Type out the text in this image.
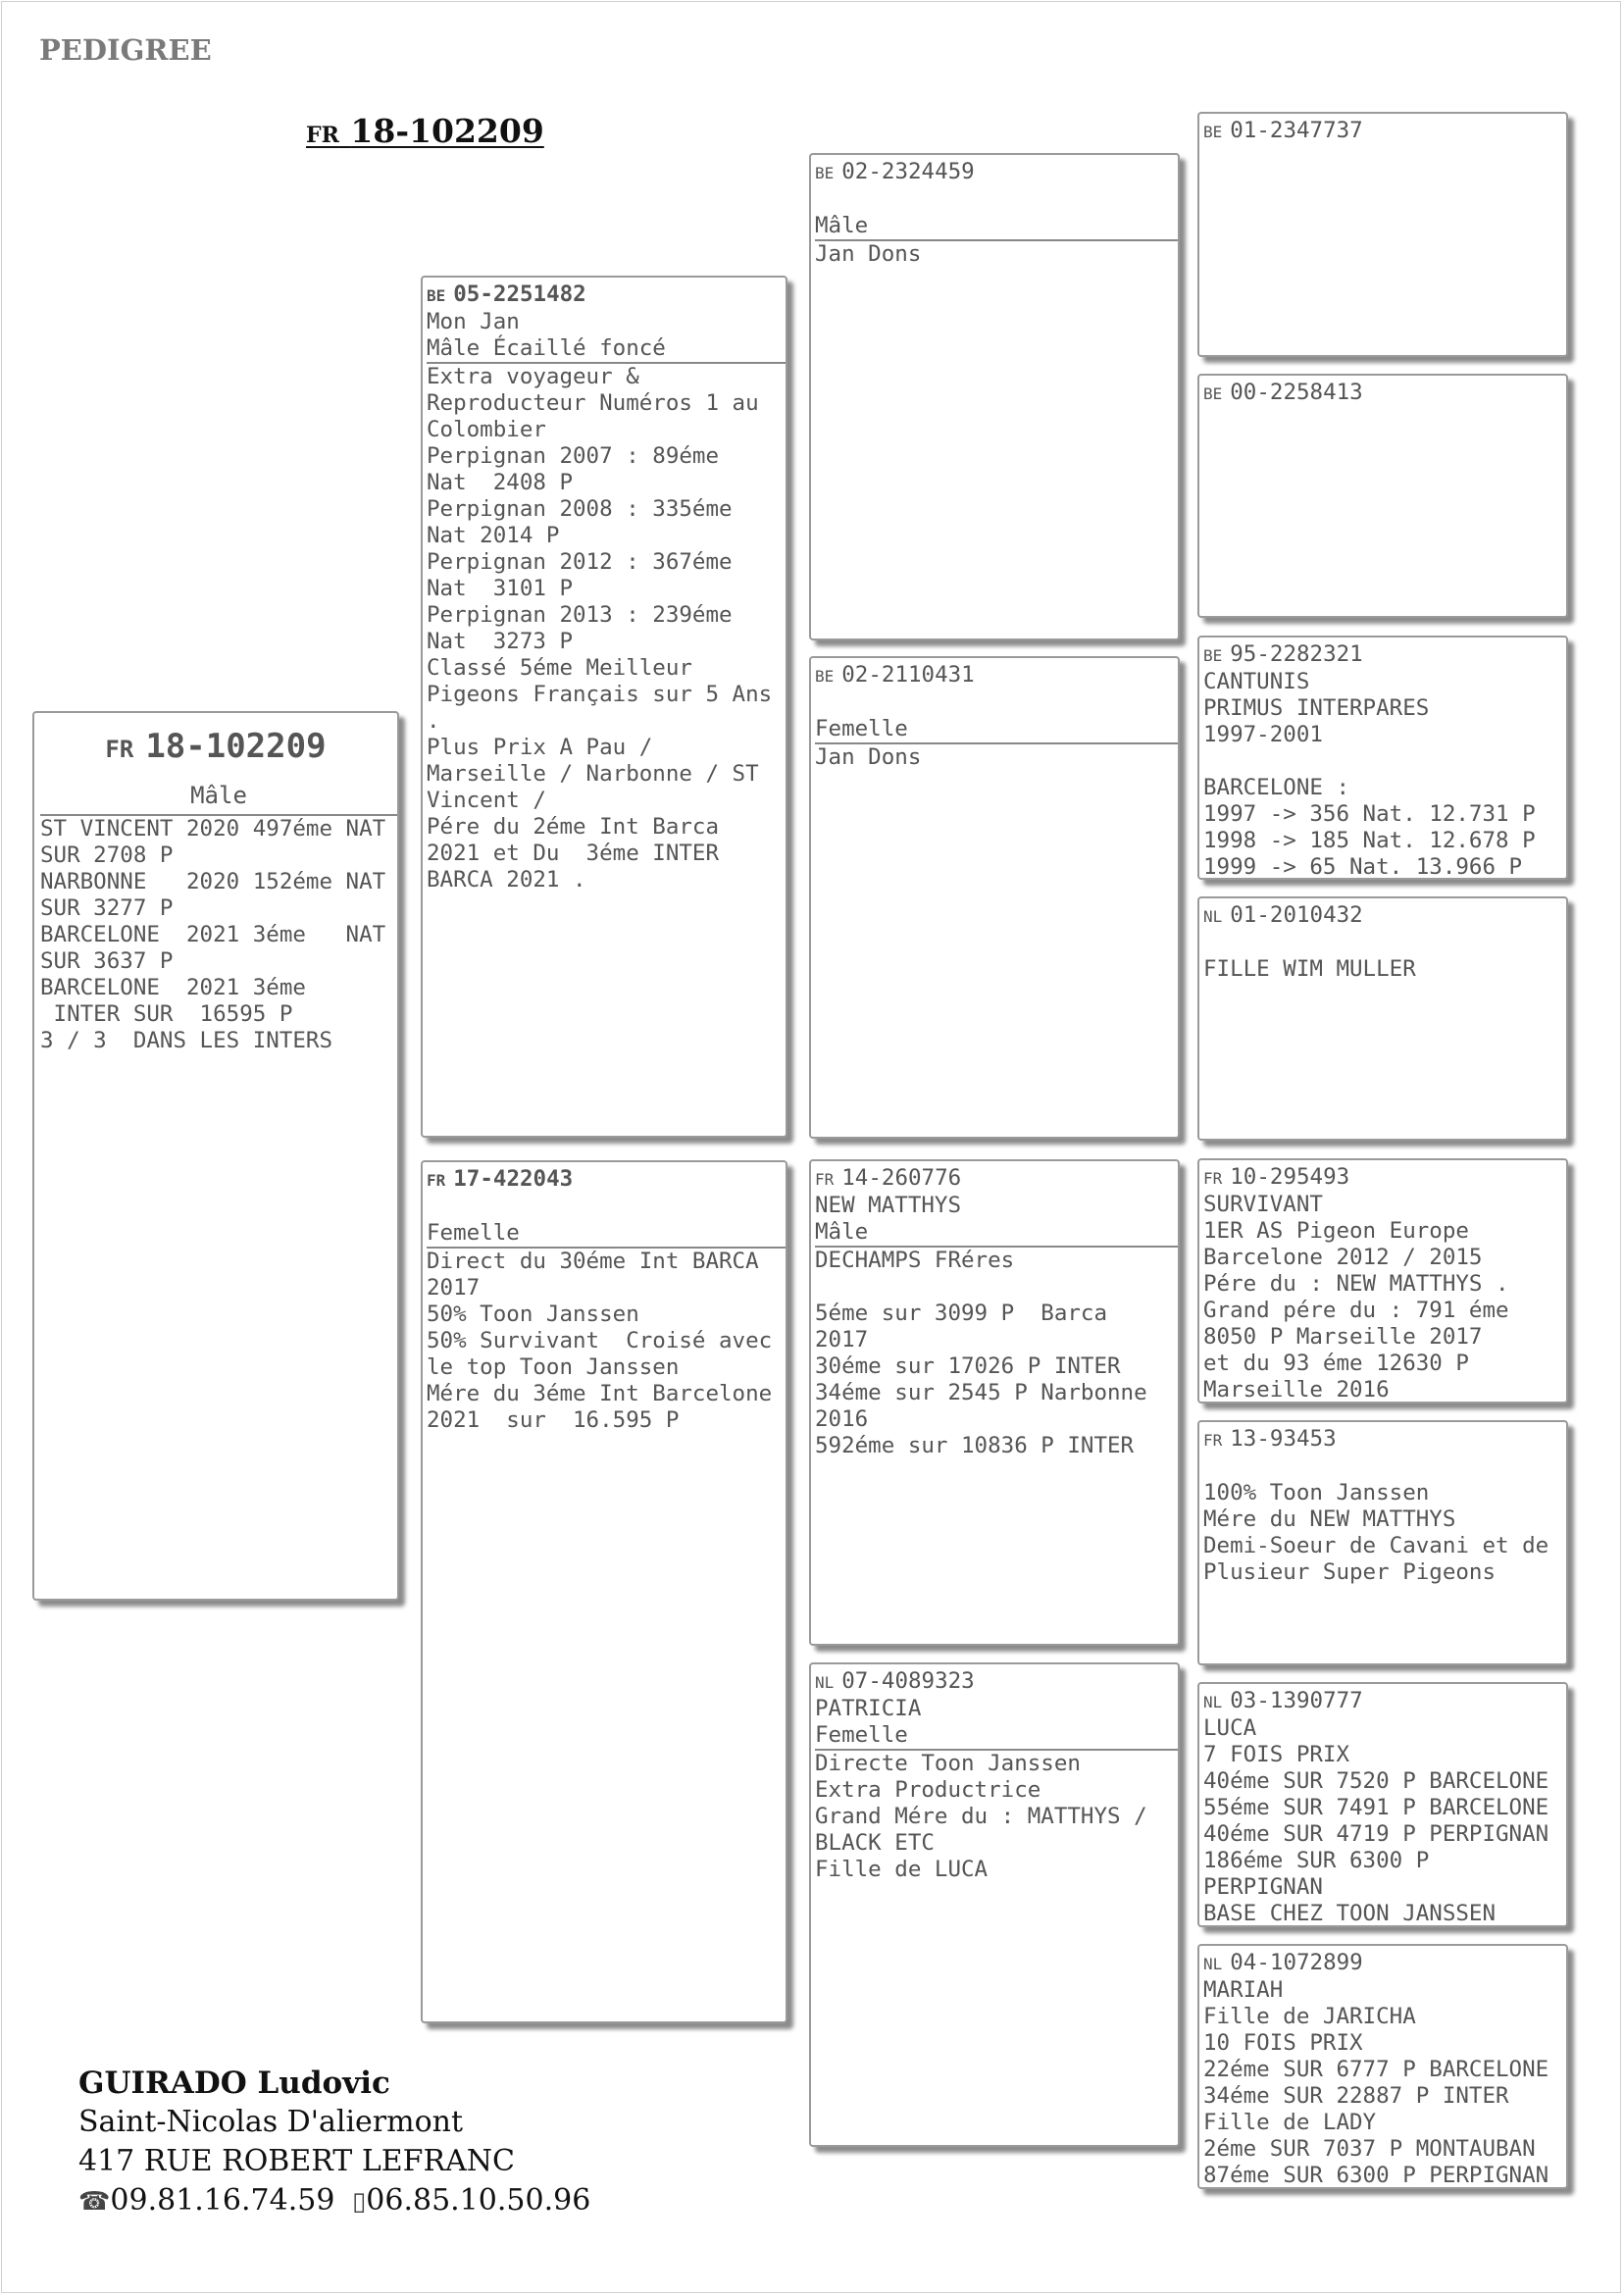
PEDIGREE
FR 18-102209
FR 18-102209
Mâle
ST VINCENT 2020 497éme NAT
SUR 2708 P
NARBONNE   2020 152éme NAT
SUR 3277 P
BARCELONE  2021 3éme   NAT
SUR 3637 P
BARCELONE  2021 3éme
INTER SUR  16595 P
3 / 3  DANS LES INTERS
BE 05-2251482
Mon Jan
Mâle Écaillé foncé
Extra voyageur &
Reproducteur Numéros 1 au
Colombier
Perpignan 2007 : 89éme
Nat  2408 P
Perpignan 2008 : 335éme
Nat 2014 P
Perpignan 2012 : 367éme
Nat  3101 P
Perpignan 2013 : 239éme
Nat  3273 P
Classé 5éme Meilleur
Pigeons Français sur 5 Ans
.
Plus Prix A Pau /
Marseille / Narbonne / ST
Vincent /
Pére du 2éme Int Barca
2021 et Du  3éme INTER
BARCA 2021 .
FR 17-422043
Femelle
Direct du 30éme Int BARCA
2017
50% Toon Janssen
50% Survivant  Croisé avec
le top Toon Janssen
Mére du 3éme Int Barcelone
2021  sur  16.595 P
BE 02-2324459
Mâle
Jan Dons
BE 02-2110431
Femelle
Jan Dons
FR 14-260776
NEW MATTHYS
Mâle
DECHAMPS FRéres

5éme sur 3099 P  Barca
2017
30éme sur 17026 P INTER
34éme sur 2545 P Narbonne
2016
592éme sur 10836 P INTER
NL 07-4089323
PATRICIA
Femelle
Directe Toon Janssen
Extra Productrice
Grand Mére du : MATTHYS /
BLACK ETC
Fille de LUCA
BE 01-2347737
BE 00-2258413
BE 95-2282321
CANTUNIS
PRIMUS INTERPARES
1997-2001

BARCELONE :
1997 -> 356 Nat. 12.731 P
1998 -> 185 Nat. 12.678 P
1999 -> 65 Nat. 13.966 P
NL 01-2010432

FILLE WIM MULLER
FR 10-295493
SURVIVANT
1ER AS Pigeon Europe
Barcelone 2012 / 2015
Pére du : NEW MATTHYS .
Grand pére du : 791 éme
8050 P Marseille 2017
et du 93 éme 12630 P
Marseille 2016
FR 13-93453

100% Toon Janssen
Mére du NEW MATTHYS
Demi-Soeur de Cavani et de
Plusieur Super Pigeons
NL 03-1390777
LUCA
7 FOIS PRIX
40éme SUR 7520 P BARCELONE
55éme SUR 7491 P BARCELONE
40éme SUR 4719 P PERPIGNAN
186éme SUR 6300 P
PERPIGNAN
BASE CHEZ TOON JANSSEN
NL 04-1072899
MARIAH
Fille de JARICHA
10 FOIS PRIX
22éme SUR 6777 P BARCELONE
34éme SUR 22887 P INTER
Fille de LADY
2éme SUR 7037 P MONTAUBAN
87éme SUR 6300 P PERPIGNAN
GUIRADO Ludovic
Saint-Nicolas D'aliermont
417 RUE ROBERT LEFRANC
☎09.81.16.74.59 ▯06.85.10.50.96
